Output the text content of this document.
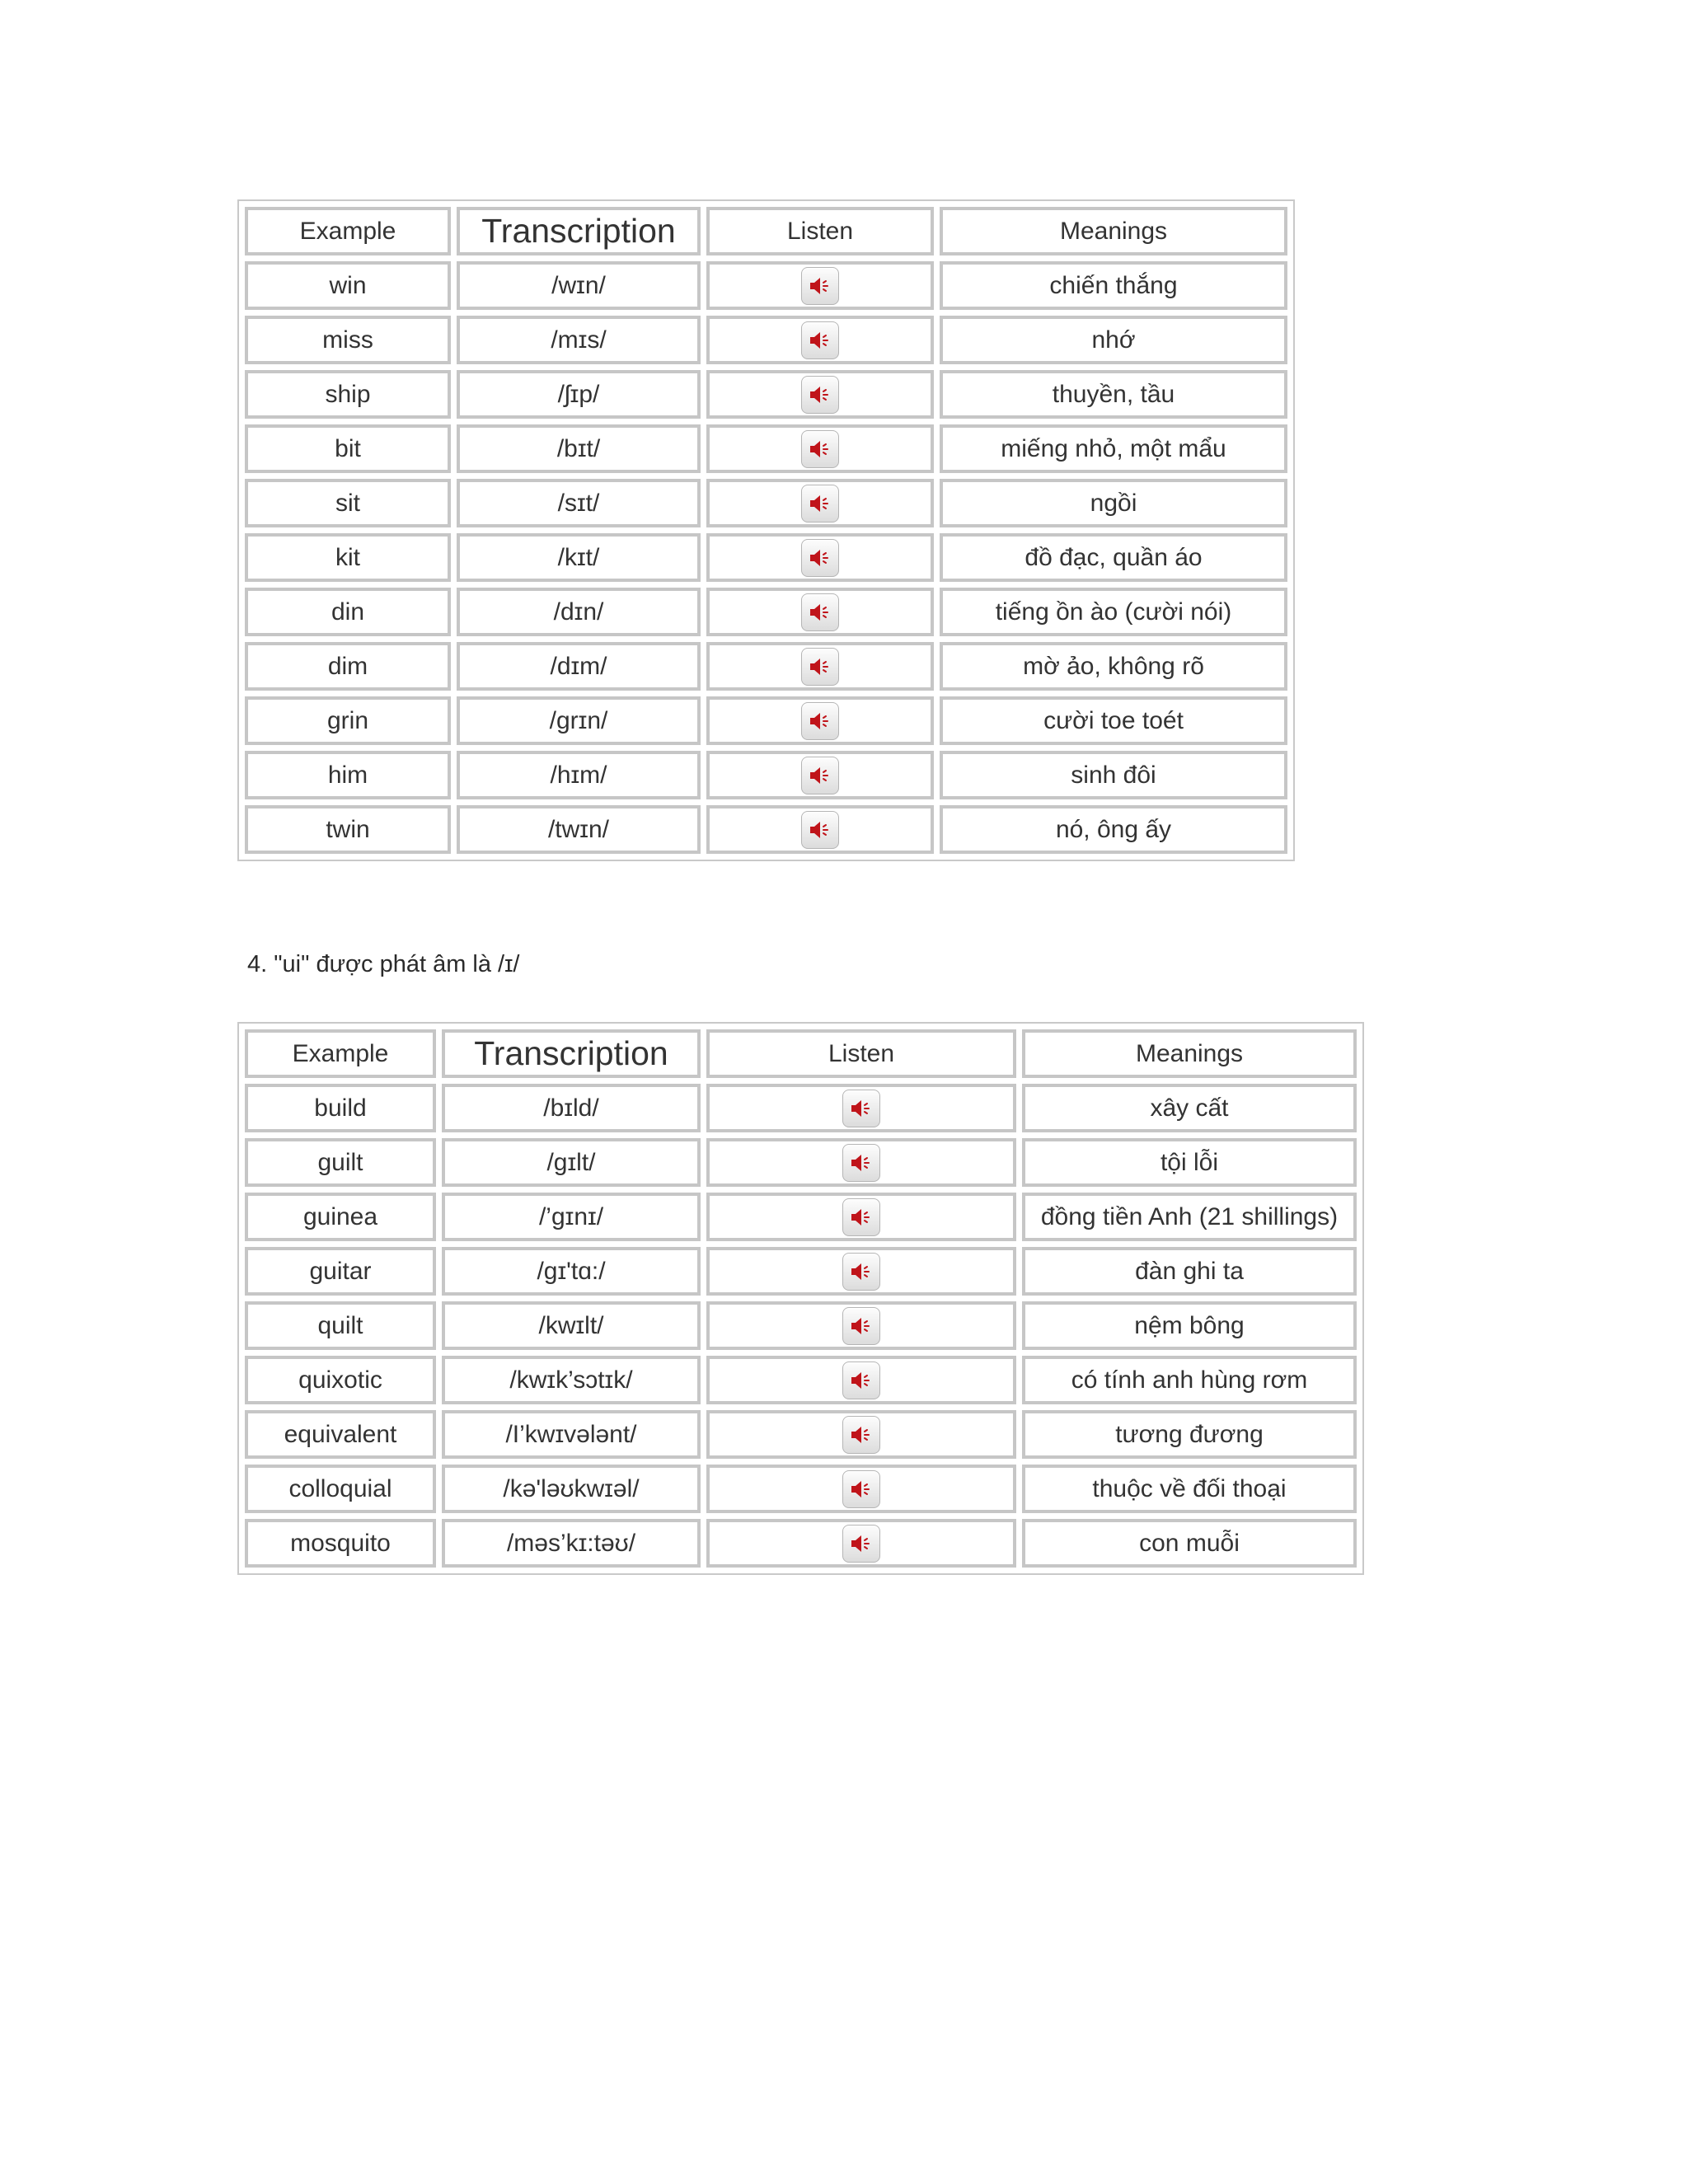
Example	Transcription	Listen	Meanings
win	/wɪn/		chiến thắng
miss	/mɪs/		nhớ
ship	/ʃɪp/		thuyền, tầu
bit	/bɪt/		miếng nhỏ, một mẩu
sit	/sɪt/		ngồi
kit	/kɪt/		đồ đạc, quần áo
din	/dɪn/		tiếng ồn ào (cười nói)
dim	/dɪm/		mờ ảo, không rõ
grin	/grɪn/		cười toe toét
him	/hɪm/		sinh đôi
twin	/twɪn/		nó, ông ấy
4. "ui" được phát âm là /ɪ/
Example	Transcription	Listen	Meanings
build	/bɪld/		xây cất
guilt	/gɪlt/		tội lỗi
guinea	/’gɪnɪ/		đồng tiền Anh (21 shillings)
guitar	/gɪ'tɑ:/		đàn ghi ta
quilt	/kwɪlt/		nệm bông
quixotic	/kwɪk’sɔtɪk/		có tính anh hùng rơm
equivalent	/I’kwɪvələnt/		tương đương
colloquial	/kə'ləʊkwɪəl/		thuộc về đối thoại
mosquito	/məs’kɪ:təʊ/		con muỗi
